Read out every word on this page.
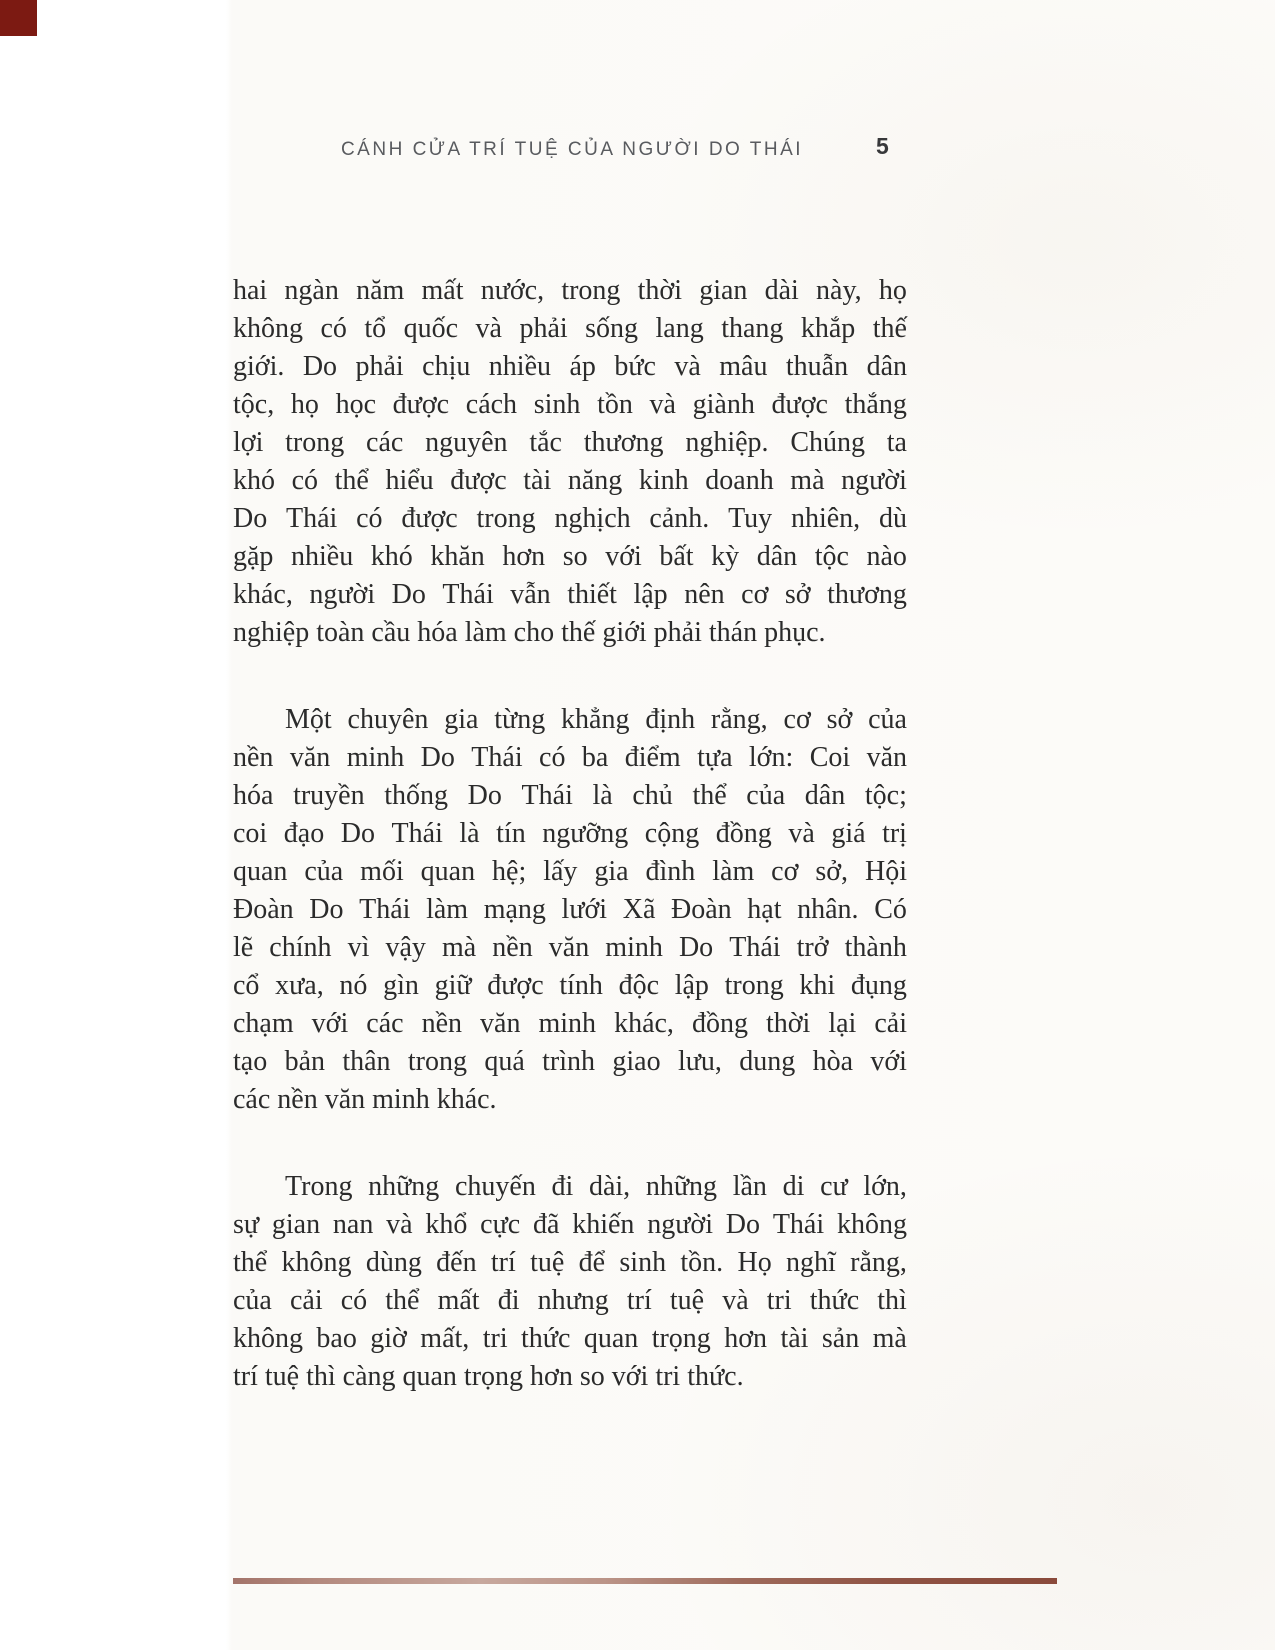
CÁNH CỬA TRÍ TUỆ CỦA NGƯỜI DO THÁI	5
hai ngàn năm mất nước, trong thời gian dài này, họ
không có tổ quốc và phải sống lang thang khắp thế
giới. Do phải chịu nhiều áp bức và mâu thuẫn dân
tộc, họ học được cách sinh tồn và giành được thắng
lợi trong các nguyên tắc thương nghiệp. Chúng ta
khó có thể hiểu được tài năng kinh doanh mà người
Do Thái có được trong nghịch cảnh. Tuy nhiên, dù
gặp nhiều khó khăn hơn so với bất kỳ dân tộc nào
khác, người Do Thái vẫn thiết lập nên cơ sở thương
nghiệp toàn cầu hóa làm cho thế giới phải thán phục.
Một chuyên gia từng khẳng định rằng, cơ sở của
nền văn minh Do Thái có ba điểm tựa lớn: Coi văn
hóa truyền thống Do Thái là chủ thể của dân tộc;
coi đạo Do Thái là tín ngưỡng cộng đồng và giá trị
quan của mối quan hệ; lấy gia đình làm cơ sở, Hội
Đoàn Do Thái làm mạng lưới Xã Đoàn hạt nhân. Có
lẽ chính vì vậy mà nền văn minh Do Thái trở thành
cổ xưa, nó gìn giữ được tính độc lập trong khi đụng
chạm với các nền văn minh khác, đồng thời lại cải
tạo bản thân trong quá trình giao lưu, dung hòa với
các nền văn minh khác.
Trong những chuyến đi dài, những lần di cư lớn,
sự gian nan và khổ cực đã khiến người Do Thái không
thể không dùng đến trí tuệ để sinh tồn. Họ nghĩ rằng,
của cải có thể mất đi nhưng trí tuệ và tri thức thì
không bao giờ mất, tri thức quan trọng hơn tài sản mà
trí tuệ thì càng quan trọng hơn so với tri thức.
